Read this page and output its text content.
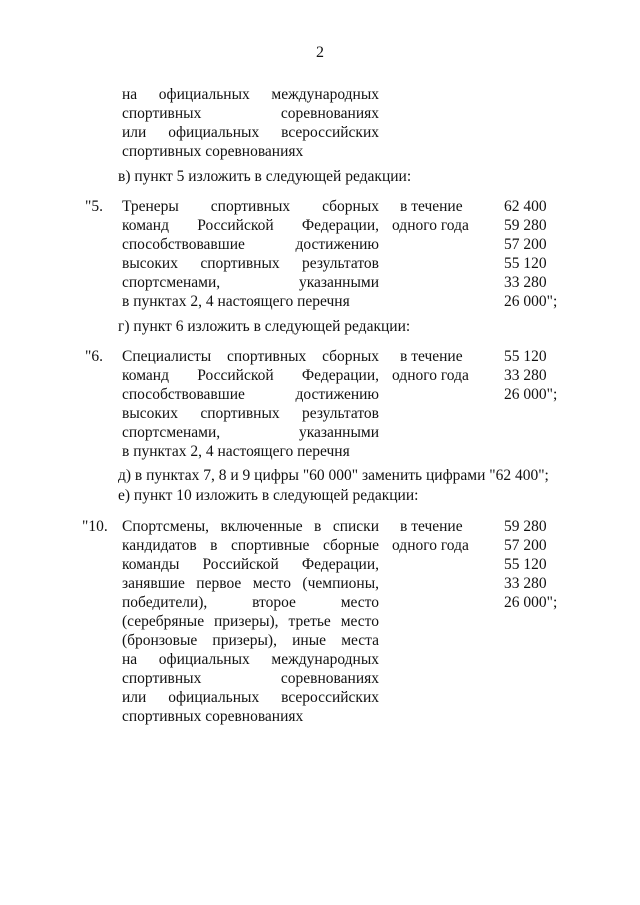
2
на официальных международных
спортивных соревнованиях
или официальных всероссийских
спортивных соревнованиях
в) пункт 5 изложить в следующей редакции:
"5. Тренеры спортивных сборных
команд Российской Федерации,
способствовавшие достижению
высоких спортивных результатов
спортсменами, указанными
в пунктах 2, 4 настоящего перечня
в течение
одного года
62 400
59 280
57 200
55 120
33 280
26 000";
г) пункт 6 изложить в следующей редакции:
"6. Специалисты спортивных сборных
команд Российской Федерации,
способствовавшие достижению
высоких спортивных результатов
спортсменами, указанными
в пунктах 2, 4 настоящего перечня
в течение
одного года
55 120
33 280
26 000";
д) в пунктах 7, 8 и 9 цифры "60 000" заменить цифрами "62 400";
е) пункт 10 изложить в следующей редакции:
"10. Спортсмены, включенные в списки
кандидатов в спортивные сборные
команды Российской Федерации,
занявшие первое место (чемпионы,
победители), второе место
(серебряные призеры), третье место
(бронзовые призеры), иные места
на официальных международных
спортивных соревнованиях
или официальных всероссийских
спортивных соревнованиях
в течение
одного года
59 280
57 200
55 120
33 280
26 000";
